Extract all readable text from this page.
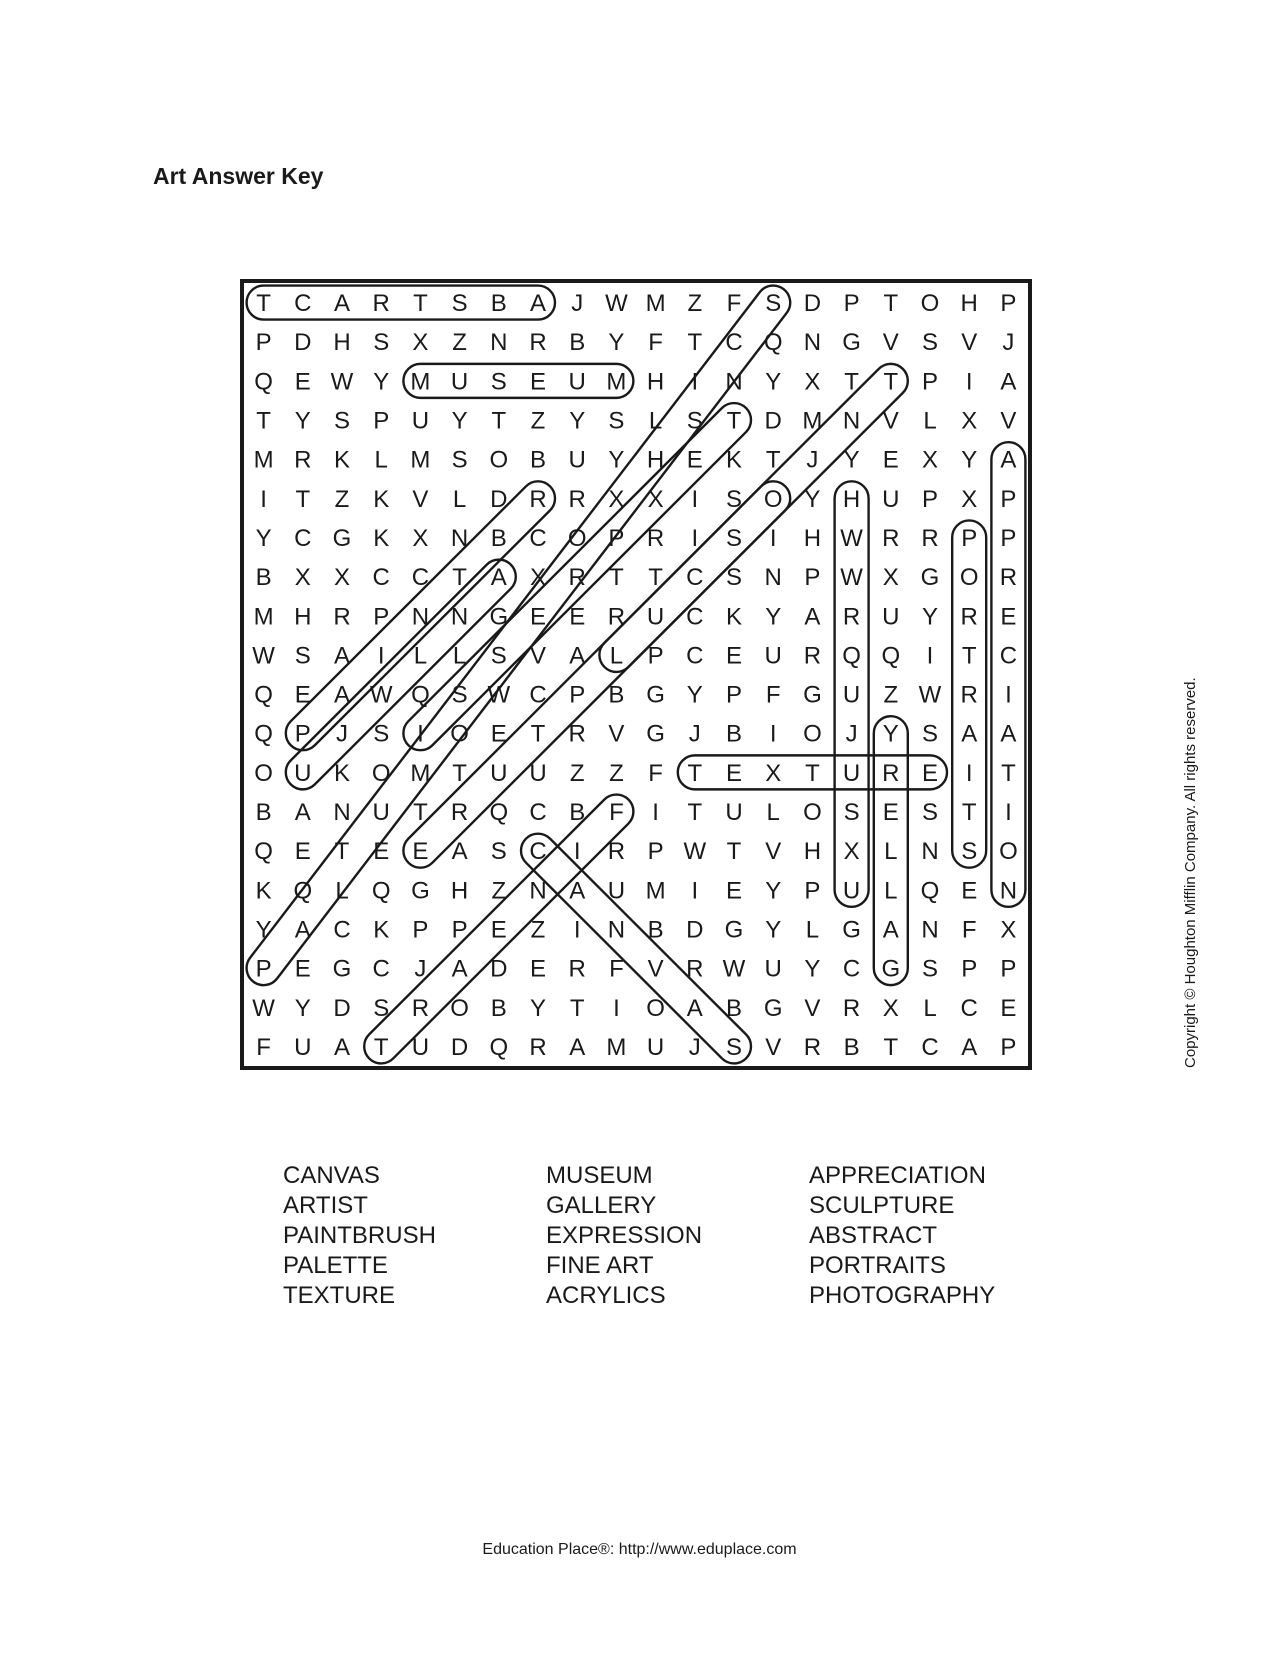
Art Answer Key
T C A R T S B A J W M Z F S D P T O H P
P D H S X Z N R B Y F T C Q N G V S V J
Q E W Y M U S E U M H I N Y X T T P I A
T Y S P U Y T Z Y S L S T D M N V L X V
M R K L M S O B U Y H E K T J Y E X Y A
I T Z K V L D R R X X I S O Y H U P X P
Y C G K X N B C O P R I S I H W R R P P
B X X C C T A X R T T C S N P W X G O R
M H R P N N G E E R U C K Y A R U Y R E
W S A I L L S V A L P C E U R Q Q I T C
Q E A W Q S W C P B G Y P F G U Z W R I
Q P J S I O E T R V G J B I O J Y S A A
O U K O M T U U Z Z F T E X T U R E I T
B A N U T R Q C B F I T U L O S E S T I
Q E T E E A S C I R P W T V H X L N S O
K Q L Q G H Z N A U M I E Y P U L Q E N
Y A C K P P E Z I N B D G Y L G A N F X
P E G C J A D E R F V R W U Y C G S P P
W Y D S R O B Y T I O A B G V R X L C E
F U A T U D Q R A M U J S V R B T C A P
CANVAS
ARTIST
PAINTBRUSH
PALETTE
TEXTURE
MUSEUM
GALLERY
EXPRESSION
FINE ART
ACRYLICS
APPRECIATION
SCULPTURE
ABSTRACT
PORTRAITS
PHOTOGRAPHY
Copyright © Houghton Mifflin Company. All rights reserved.
Education Place®: http://www.eduplace.com
